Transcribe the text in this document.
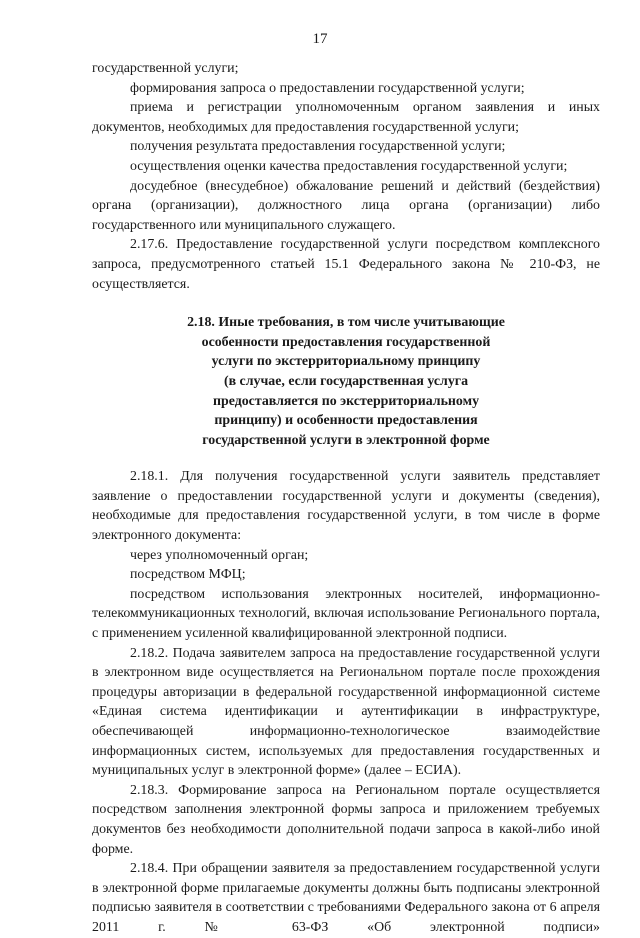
17

государственной услуги;

формирования запроса о предоставлении государственной услуги;

приема и регистрации уполномоченным органом заявления и иных документов, необходимых для предоставления государственной услуги;

получения результата предоставления государственной услуги;

осуществления оценки качества предоставления государственной услуги;

досудебное (внесудебное) обжалование решений и действий (бездействия) органа (организации), должностного лица органа (организации) либо государственного или муниципального служащего.

2.17.6. Предоставление государственной услуги посредством комплексного запроса, предусмотренного статьей 15.1 Федерального закона № 210-ФЗ, не осуществляется.

2.18. Иные требования, в том числе учитывающие
особенности предоставления государственной
услуги по экстерриториальному принципу
(в случае, если государственная услуга
предоставляется по экстерриториальному
принципу) и особенности предоставления
государственной услуги в электронной форме

2.18.1. Для получения государственной услуги заявитель представляет заявление о предоставлении государственной услуги и документы (сведения), необходимые для предоставления государственной услуги, в том числе в форме электронного документа:

через уполномоченный орган;

посредством МФЦ;

посредством использования электронных носителей, информационно-телекоммуникационных технологий, включая использование Регионального портала, с применением усиленной квалифицированной электронной подписи.

2.18.2. Подача заявителем запроса на предоставление государственной услуги в электронном виде осуществляется на Региональном портале после прохождения процедуры авторизации в федеральной государственной информационной системе «Единая система идентификации и аутентификации в инфраструктуре, обеспечивающей информационно-технологическое взаимодействие информационных систем, используемых для предоставления государственных и муниципальных услуг в электронной форме» (далее – ЕСИА).

2.18.3. Формирование запроса на Региональном портале осуществляется посредством заполнения электронной формы запроса и приложением требуемых документов без необходимости дополнительной подачи запроса в какой-либо иной форме.

2.18.4. При обращении заявителя за предоставлением государственной услуги в электронной форме прилагаемые документы должны быть подписаны электронной подписью заявителя в соответствии с требованиями Федерального закона от 6 апреля 2011 г. № 63-ФЗ «Об электронной подписи»
